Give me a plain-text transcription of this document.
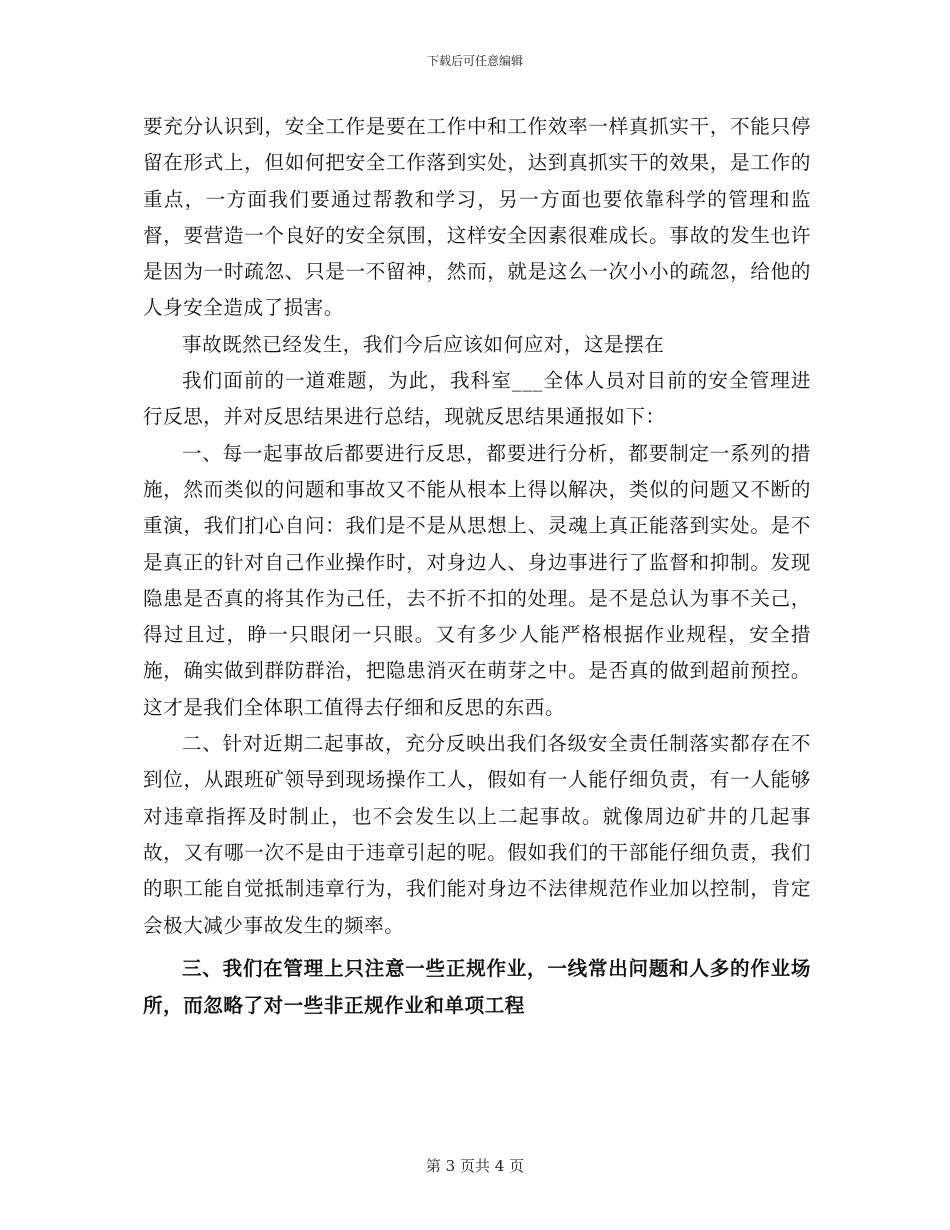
下载后可任意编辑

要充分认识到，安全工作是要在工作中和工作效率一样真抓实干，不能只停留在形式上，但如何把安全工作落到实处，达到真抓实干的效果，是工作的重点，一方面我们要通过帮教和学习，另一方面也要依靠科学的管理和监督，要营造一个良好的安全氛围，这样安全因素很难成长。事故的发生也许是因为一时疏忽、只是一不留神，然而，就是这么一次小小的疏忽，给他的人身安全造成了损害。

事故既然已经发生，我们今后应该如何应对，这是摆在

我们面前的一道难题，为此，我科室___全体人员对目前的安全管理进行反思，并对反思结果进行总结，现就反思结果通报如下：

一、每一起事故后都要进行反思，都要进行分析，都要制定一系列的措施，然而类似的问题和事故又不能从根本上得以解决，类似的问题又不断的重演，我们扪心自问：我们是不是从思想上、灵魂上真正能落到实处。是不是真正的针对自己作业操作时，对身边人、身边事进行了监督和抑制。发现隐患是否真的将其作为己任，去不折不扣的处理。是不是总认为事不关己，得过且过，睁一只眼闭一只眼。又有多少人能严格根据作业规程，安全措施，确实做到群防群治，把隐患消灭在萌芽之中。是否真的做到超前预控。这才是我们全体职工值得去仔细和反思的东西。

二、针对近期二起事故，充分反映出我们各级安全责任制落实都存在不到位，从跟班矿领导到现场操作工人，假如有一人能仔细负责，有一人能够对违章指挥及时制止，也不会发生以上二起事故。就像周边矿井的几起事故，又有哪一次不是由于违章引起的呢。假如我们的干部能仔细负责，我们的职工能自觉抵制违章行为，我们能对身边不法律规范作业加以控制，肯定会极大减少事故发生的频率。

三、我们在管理上只注意一些正规作业，一线常出问题和人多的作业场所，而忽略了对一些非正规作业和单项工程

第 3 页共 4 页
